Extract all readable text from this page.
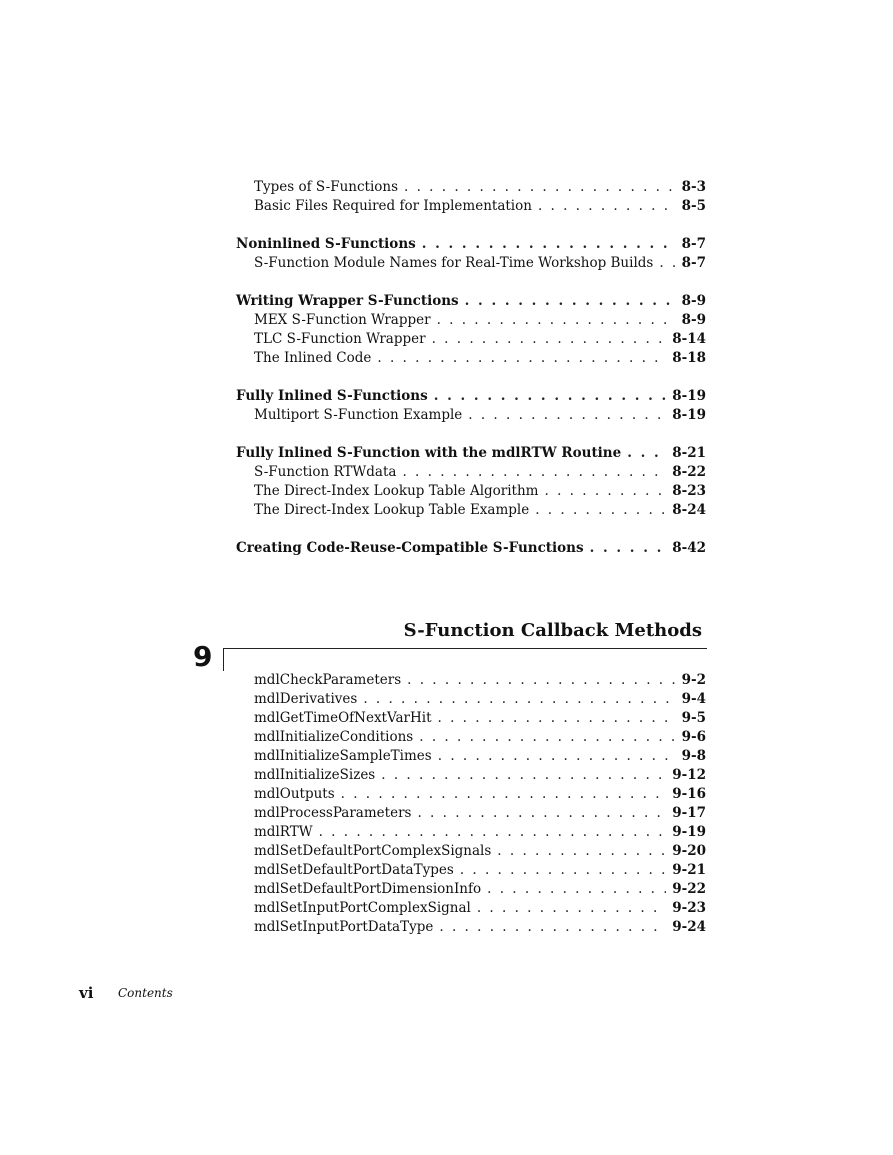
Types of S-Functions . . .	8-3
Basic Files Required for Implementation . . .	8-5
Noninlined S-Functions . . .	8-7
S-Function Module Names for Real-Time Workshop Builds . . . 8-7
Writing Wrapper S-Functions . . .	8-9
MEX S-Function Wrapper . . .	8-9
TLC S-Function Wrapper . . .	8-14
The Inlined Code . . .	8-18
Fully Inlined S-Functions . . .	8-19
Multiport S-Function Example . . .	8-19
Fully Inlined S-Function with the mdlRTW Routine . . .	8-21
S-Function RTWdata . . .	8-22
The Direct-Index Lookup Table Algorithm . . .	8-23
The Direct-Index Lookup Table Example . . .	8-24
Creating Code-Reuse-Compatible S-Functions . . .	8-42
S-Function Callback Methods
9
mdlCheckParameters . . .	9-2
mdlDerivatives . . .	9-4
mdlGetTimeOfNextVarHit . . .	9-5
mdlInitializeConditions . . .	9-6
mdlInitializeSampleTimes . . .	9-8
mdlInitializeSizes . . .	9-12
mdlOutputs . . .	9-16
mdlProcessParameters . . .	9-17
mdlRTW . . .	9-19
mdlSetDefaultPortComplexSignals . . .	9-20
mdlSetDefaultPortDataTypes . . .	9-21
mdlSetDefaultPortDimensionInfo . . .	9-22
mdlSetInputPortComplexSignal . . .	9-23
mdlSetInputPortDataType . . .	9-24
vi Contents
